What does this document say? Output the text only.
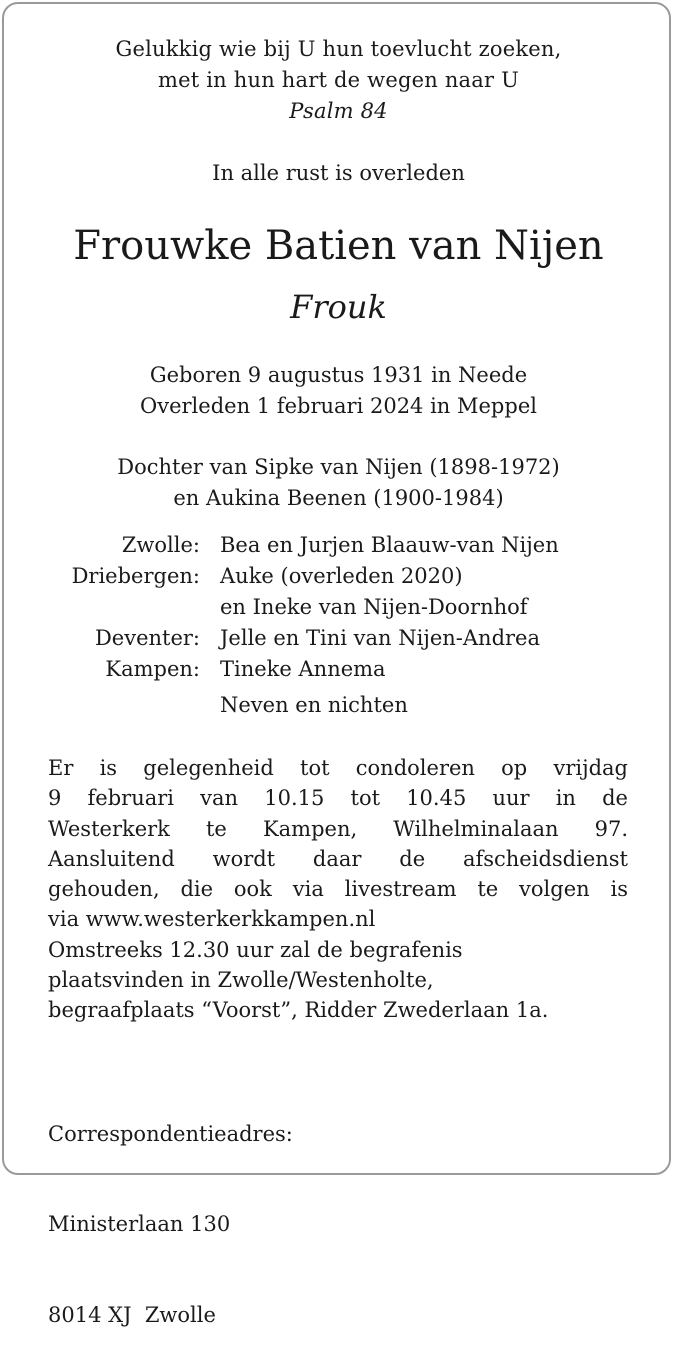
Gelukkig wie bij U hun toevlucht zoeken,
met in hun hart de wegen naar U
Psalm 84
In alle rust is overleden
Frouwke Batien van Nijen
Frouk
Geboren 9 augustus 1931 in Neede
Overleden 1 februari 2024 in Meppel
Dochter van Sipke van Nijen (1898-1972)
en Aukina Beenen (1900-1984)
Zwolle: Bea en Jurjen Blaauw-van Nijen
Driebergen: Auke (overleden 2020)
en Ineke van Nijen-Doornhof
Deventer: Jelle en Tini van Nijen-Andrea
Kampen: Tineke Annema
Neven en nichten
Er is gelegenheid tot condoleren op vrijdag
9 februari van 10.15 tot 10.45 uur in de
Westerkerk te Kampen, Wilhelminalaan 97.
Aansluitend wordt daar de afscheidsdienst
gehouden, die ook via livestream te volgen is
via www.westerkerkkampen.nl
Omstreeks 12.30 uur zal de begrafenis
plaatsvinden in Zwolle/Westenholte,
begraafplaats “Voorst”, Ridder Zwederlaan 1a.

Correspondentieadres:

Ministerlaan 130

8014 XJ  Zwolle
